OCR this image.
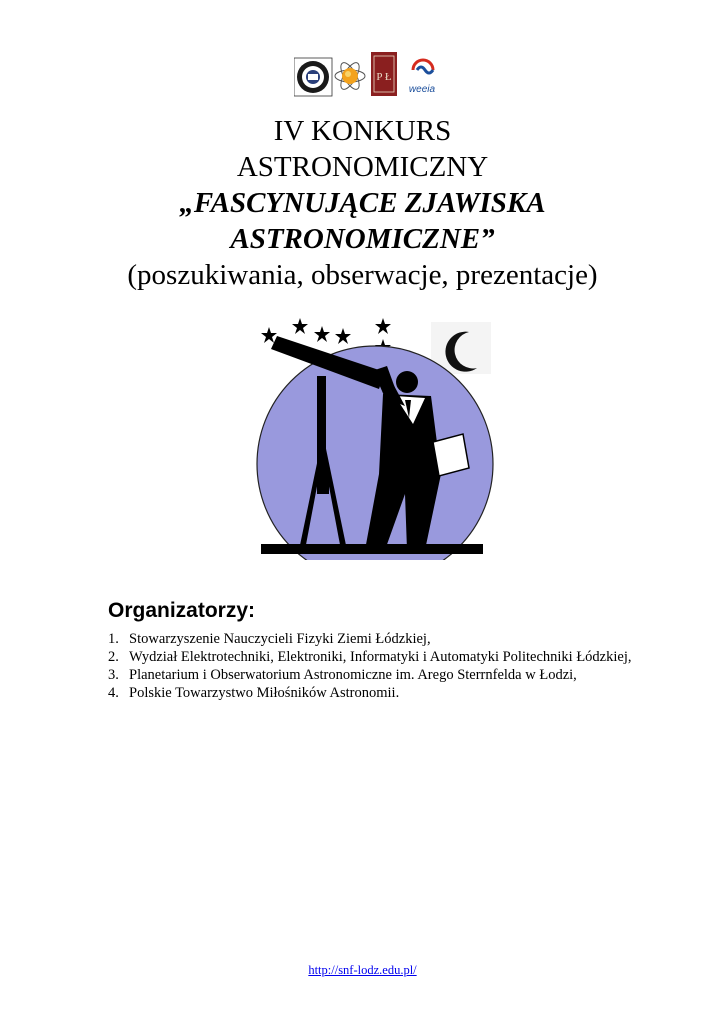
P Ł
weeia
IV KONKURS
ASTRONOMICZNY
„FASCYNUJĄCE ZJAWISKA
ASTRONOMICZNE”
(poszukiwania, obserwacje, prezentacje)
Organizatorzy:
1. Stowarzyszenie Nauczycieli Fizyki Ziemi Łódzkiej,
2. Wydział Elektrotechniki, Elektroniki, Informatyki i Automatyki Politechniki Łódzkiej,
3. Planetarium i Obserwatorium Astronomiczne im. Arego Sterrnfelda w Łodzi,
4. Polskie Towarzystwo Miłośników Astronomii.
http://snf-lodz.edu.pl/
